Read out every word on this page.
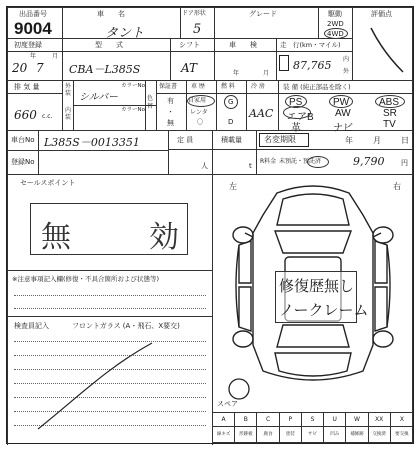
出品番号
9004
車　　名
タント
ドア形状
5
グレード	駆動
2WD
4WD
評価点
初度登録
年	月
20 7
型　　式
CBA－L385S
シフト
AT
車　　検
年	月
走　行(km・マイル)
87,765 内
外
排 気 量
660 c.c.
外装
内装
シルバー
カラーNo.
カラーNo.
色替
保証書
有
・
無
車 歴
自家用
レンタ
〇
燃 料
G
D
冷 房
AAC
装 備 (純正部品を除く)
PS	PW	ABS
エアB AW	SR
革	ナビ	TV
車台No L385S－0013351
登録No
定 員
人
積載量
t
名変期限	年	月	日
R料金 未預託・預託済	9,790 円
セールスポイント
無　　効
※注意事項記入欄(修復・不具合箇所および状態等)
検査員記入	フロントガラス (A・飛石、X要交)
左	右
修復歴無し
ノークレーム
スペア
A	B	C	P	S	U	W	XX	X
線キズ	形跡板	腐食	塗装	サビ	凹み	補修跡	交換済	要交換
